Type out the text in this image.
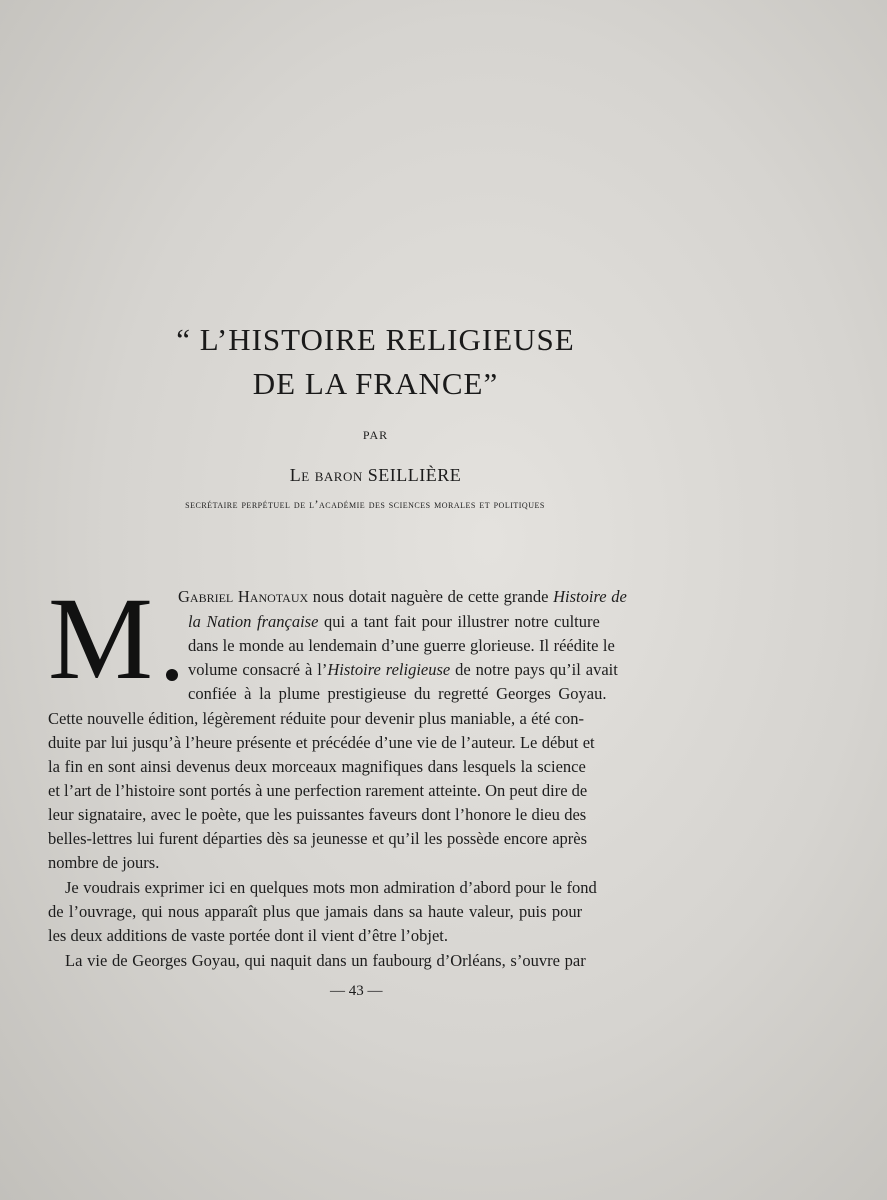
“ L’HISTOIRE RELIGIEUSE
DE LA FRANCE”
PAR
Le baron SEILLIÈRE
secrétaire perpétuel de l’académie des sciences morales et politiques
M Gabriel Hanotaux nous dotait naguère de cette grande Histoire de
la Nation française qui a tant fait pour illustrer notre culture
dans le monde au lendemain d’une guerre glorieuse. Il réédite le
volume consacré à l’Histoire religieuse de notre pays qu’il avait
confiée à la plume prestigieuse du regretté Georges Goyau.
Cette nouvelle édition, légèrement réduite pour devenir plus maniable, a été con-
duite par lui jusqu’à l’heure présente et précédée d’une vie de l’auteur. Le début et
la fin en sont ainsi devenus deux morceaux magnifiques dans lesquels la science
et l’art de l’histoire sont portés à une perfection rarement atteinte. On peut dire de
leur signataire, avec le poète, que les puissantes faveurs dont l’honore le dieu des
belles-lettres lui furent départies dès sa jeunesse et qu’il les possède encore après
nombre de jours.
Je voudrais exprimer ici en quelques mots mon admiration d’abord pour le fond
de l’ouvrage, qui nous apparaît plus que jamais dans sa haute valeur, puis pour
les deux additions de vaste portée dont il vient d’être l’objet.
La vie de Georges Goyau, qui naquit dans un faubourg d’Orléans, s’ouvre par
— 43 —
